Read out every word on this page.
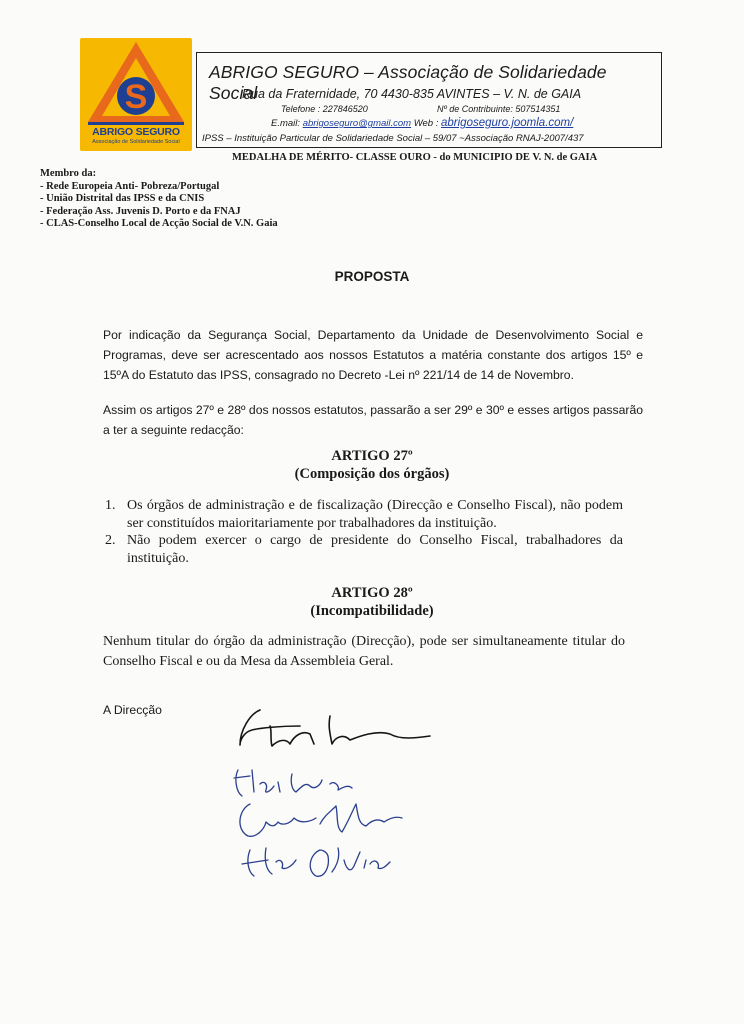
S
ABRIGO SEGURO
Associação de Solidariedade Social
ABRIGO SEGURO – Associação de Solidariedade Social
Rua da Fraternidade, 70 4430-835 AVINTES – V. N. de GAIA
Telefone : 227846520	Nº de Contribuinte: 507514351
E.mail: abrigoseguro@gmail.com Web : abrigoseguro.joomla.com/
IPSS – Instituição Particular de Solidariedade Social – 59/07 ~Associação RNAJ-2007/437
MEDALHA DE MÉRITO- CLASSE OURO - do MUNICIPIO DE V. N. de GAIA
Membro da:
- Rede Europeia Anti- Pobreza/Portugal
- União Distrital das IPSS e da CNIS
- Federação Ass. Juvenis D. Porto e da FNAJ
- CLAS-Conselho Local de Acção Social de V.N. Gaia
PROPOSTA
Por indicação da Segurança Social, Departamento da Unidade de Desenvolvimento Social e Programas, deve ser acrescentado aos nossos Estatutos a matéria constante dos artigos 15º e 15ºA do Estatuto das IPSS, consagrado no Decreto -Lei nº 221/14 de 14 de Novembro.
Assim os artigos 27º e 28º dos nossos estatutos, passarão a ser 29º e 30º e esses artigos passarão a ter a seguinte redacção:
ARTIGO 27º
(Composição dos órgãos)
1. Os órgãos de administração e de fiscalização (Direcção e Conselho Fiscal), não podem ser constituídos maioritariamente por trabalhadores da instituição.
2. Não podem exercer o cargo de presidente do Conselho Fiscal, trabalhadores da instituição.
ARTIGO 28º
(Incompatibilidade)
Nenhum titular do órgão da administração (Direcção), pode ser simultaneamente titular do Conselho Fiscal e ou da Mesa da Assembleia Geral.
A Direcção
